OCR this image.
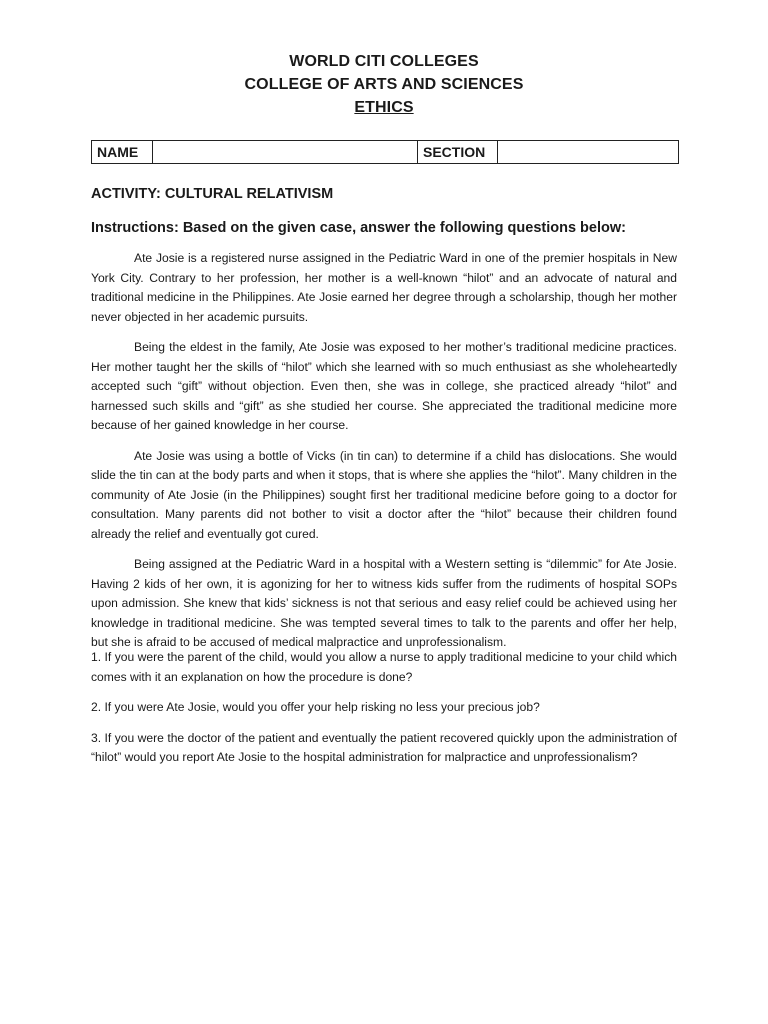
WORLD CITI COLLEGES
COLLEGE OF ARTS AND SCIENCES
ETHICS
NAME		SECTION	
ACTIVITY: CULTURAL RELATIVISM
Instructions: Based on the given case, answer the following questions below:

Ate Josie is a registered nurse assigned in the Pediatric Ward in one of the premier hospitals in New York City. Contrary to her profession, her mother is a well-known “hilot” and an advocate of natural and traditional medicine in the Philippines. Ate Josie earned her degree through a scholarship, though her mother never objected in her academic pursuits.

Being the eldest in the family, Ate Josie was exposed to her mother’s traditional medicine practices. Her mother taught her the skills of “hilot” which she learned with so much enthusiast as she wholeheartedly accepted such “gift” without objection. Even then, she was in college, she practiced already “hilot” and harnessed such skills and “gift” as she studied her course. She appreciated the traditional medicine more because of her gained knowledge in her course.

Ate Josie was using a bottle of Vicks (in tin can) to determine if a child has dislocations. She would slide the tin can at the body parts and when it stops, that is where she applies the “hilot”. Many children in the community of Ate Josie (in the Philippines) sought first her traditional medicine before going to a doctor for consultation. Many parents did not bother to visit a doctor after the “hilot” because their children found already the relief and eventually got cured.

Being assigned at the Pediatric Ward in a hospital with a Western setting is “dilemmic” for Ate Josie. Having 2 kids of her own, it is agonizing for her to witness kids suffer from the rudiments of hospital SOPs upon admission. She knew that kids’ sickness is not that serious and easy relief could be achieved using her knowledge in traditional medicine. She was tempted several times to talk to the parents and offer her help, but she is afraid to be accused of medical malpractice and unprofessionalism.

1. If you were the parent of the child, would you allow a nurse to apply traditional medicine to your child which comes with it an explanation on how the procedure is done?

2. If you were Ate Josie, would you offer your help risking no less your precious job?

3. If you were the doctor of the patient and eventually the patient recovered quickly upon the administration of “hilot” would you report Ate Josie to the hospital administration for malpractice and unprofessionalism?
